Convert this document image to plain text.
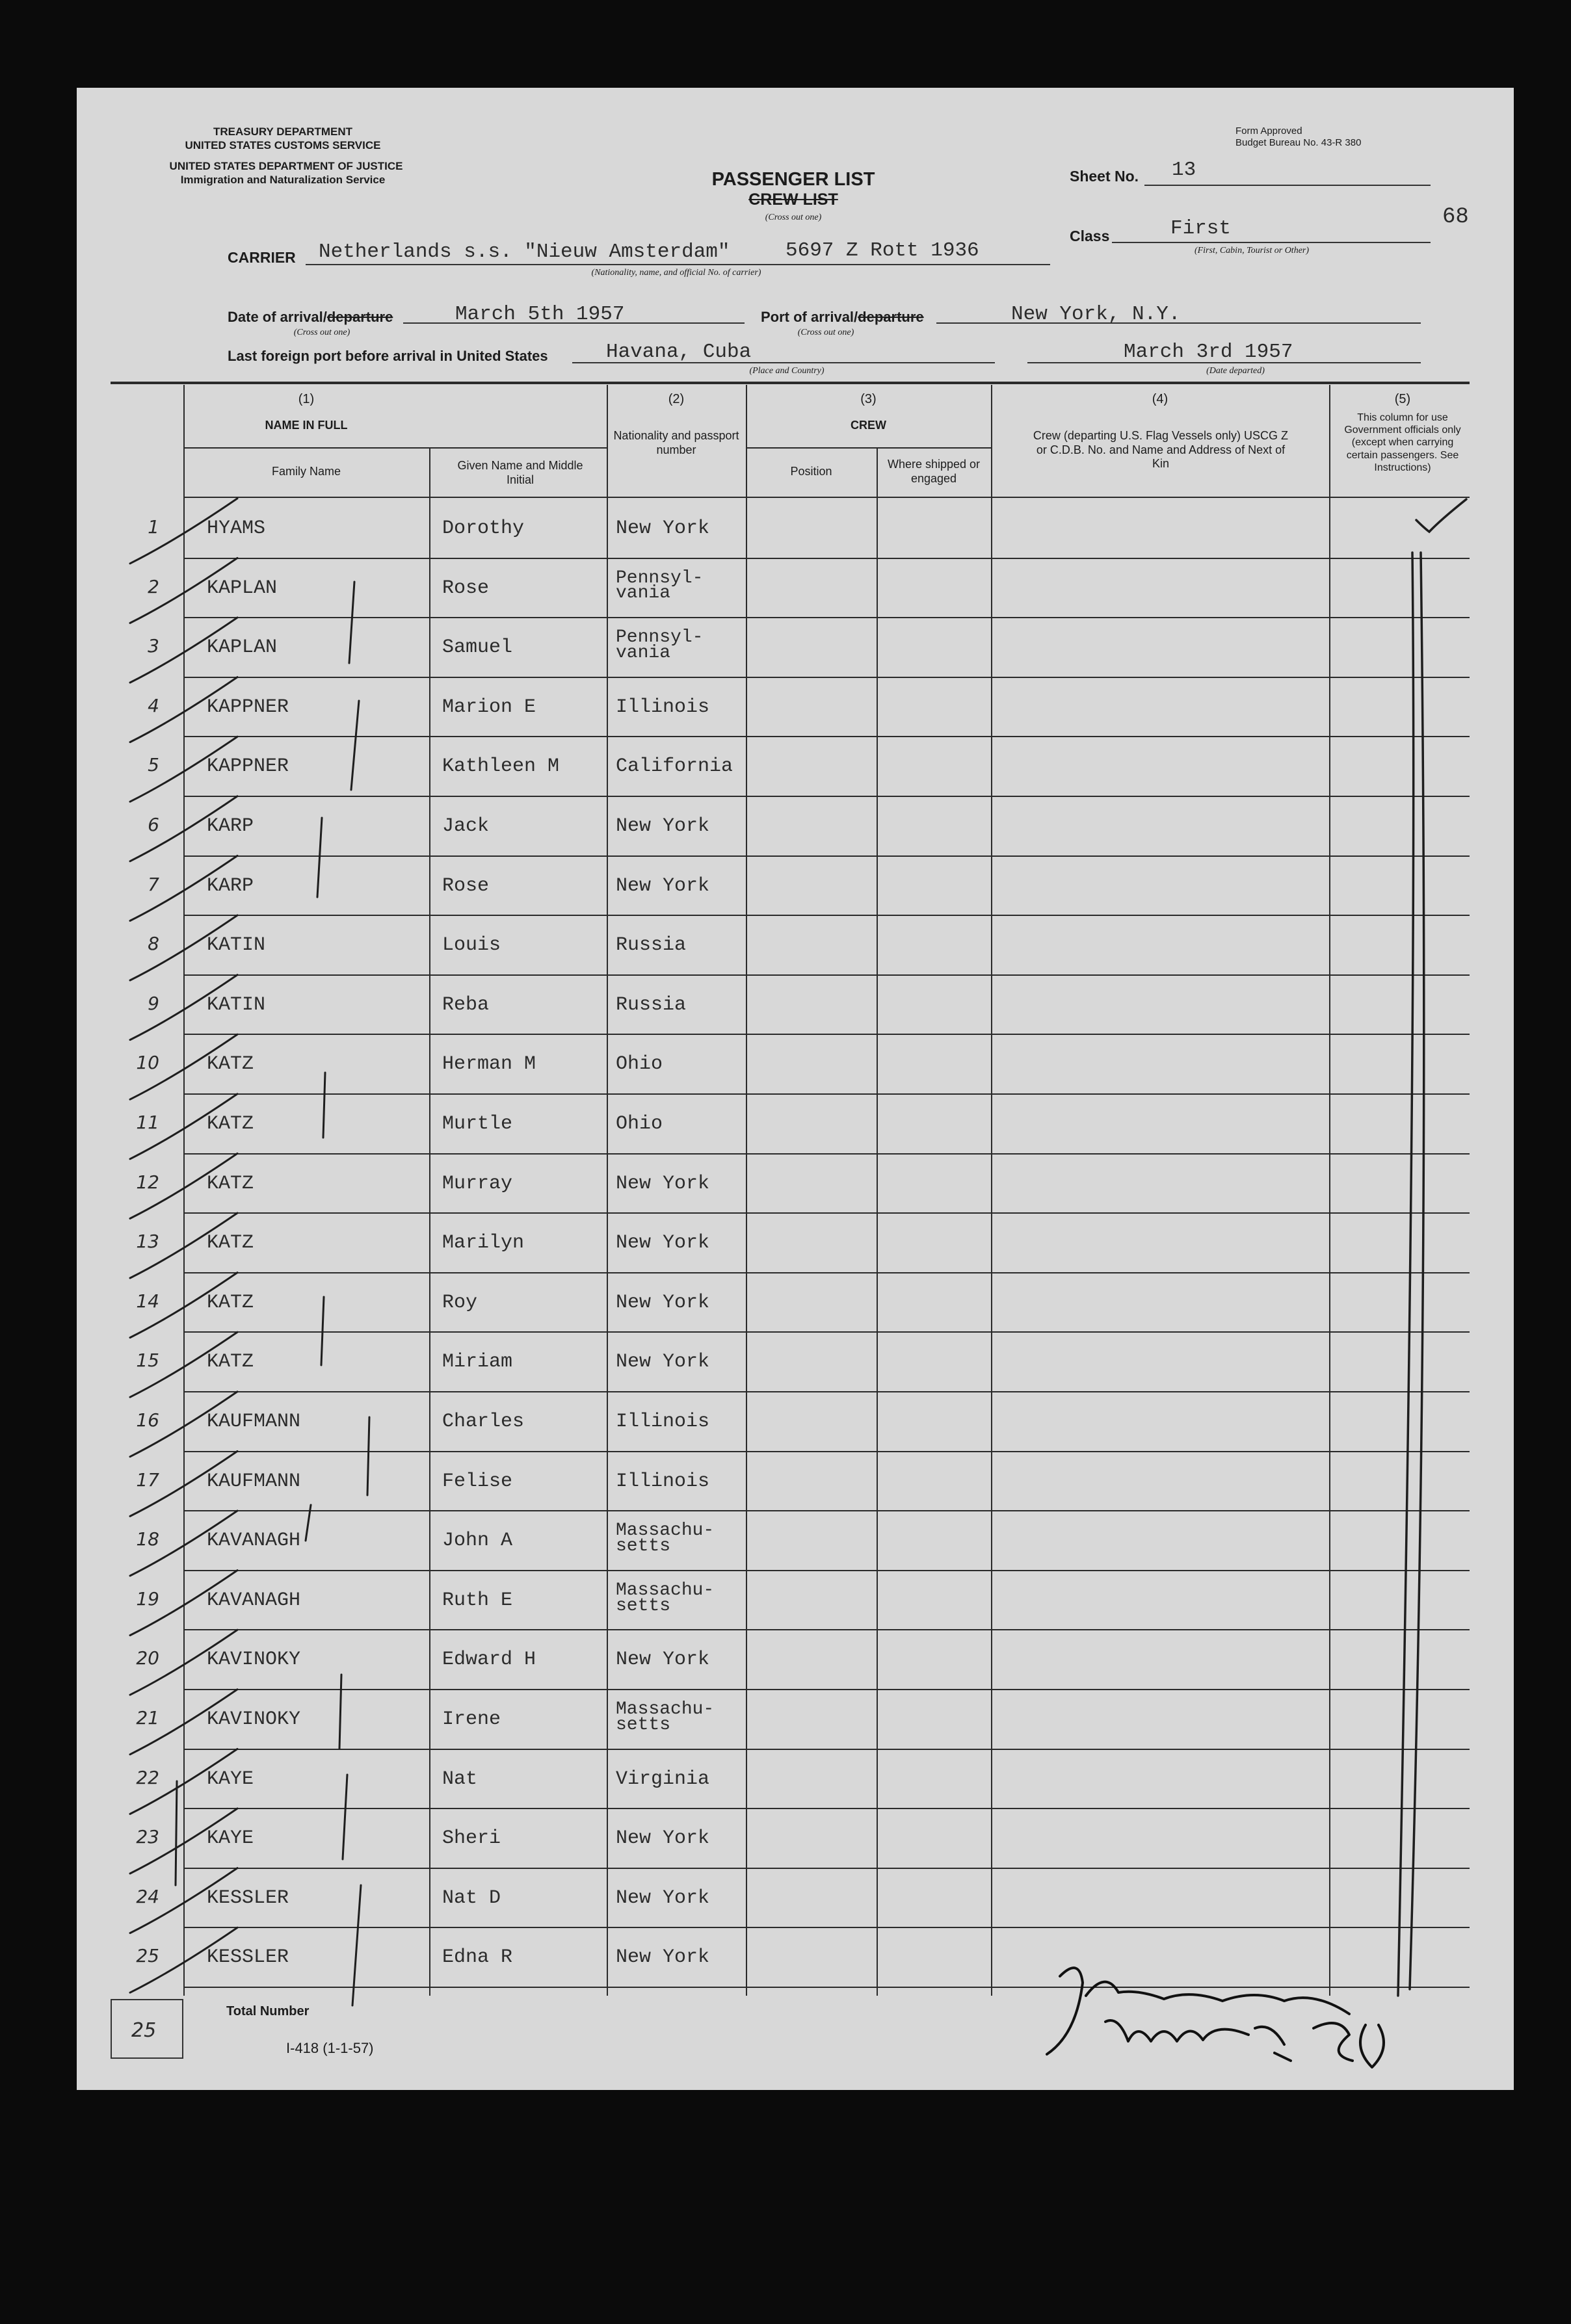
TREASURY DEPARTMENT
UNITED STATES CUSTOMS SERVICE
UNITED STATES DEPARTMENT OF JUSTICE
Immigration and Naturalization Service	PASSENGER LIST
CREW LIST
(Cross out one)
Form Approved
Budget Bureau No. 43-R 380
Sheet No. 13
68
Class	First
(First, Cabin, Tourist or Other)
CARRIER Netherlands s.s. "Nieuw Amsterdam"	5697 Z Rott 1936
(Nationality, name, and official No. of carrier)
Date of arrival/departure
(Cross out one)
March 5th 1957	Port of arrival/departure
(Cross out one)
New York, N.Y.
Last foreign port before arrival in United States	Havana, Cuba
(Place and Country)
March 3rd 1957
(Date departed)
(1)
NAME IN FULL
Family Name	Given Name and Middle Initial
(2)
Nationality and passport number
(3)
CREW
Position
Where shipped or engaged
(4)
Crew (departing U.S. Flag Vessels only) USCG Z or C.D.B. No. and Name and Address of Next of Kin
(5)
This column for use Government officials only (except when carrying certain passengers. See Instructions)
1 HYAMS	Dorothy	New York
2 KAPLAN	Rose	Pennsyl-
vania
3 KAPLAN	Samuel	Pennsyl-
vania
4 KAPPNER	Marion E	Illinois
5 KAPPNER	Kathleen M	California
6 KARP	Jack	New York
7 KARP	Rose	New York
8 KATIN	Louis	Russia
9 KATIN	Reba	Russia
10 KATZ	Herman M	Ohio
11 KATZ	Murtle	Ohio
12 KATZ	Murray	New York
13 KATZ	Marilyn	New York
14 KATZ	Roy	New York
15 KATZ	Miriam	New York
16 KAUFMANN	Charles	Illinois
17 KAUFMANN	Felise	Illinois
18 KAVANAGH	John A	Massachu-
setts
19 KAVANAGH	Ruth E	Massachu-
setts
20 KAVINOKY	Edward H	New York
21 KAVINOKY	Irene	Massachu-
setts
22 KAYE	Nat	Virginia
23 KAYE	Sheri	New York
24 KESSLER	Nat D	New York
25 KESSLER	Edna R	New York
25
Total Number
I-418 (1-1-57)
